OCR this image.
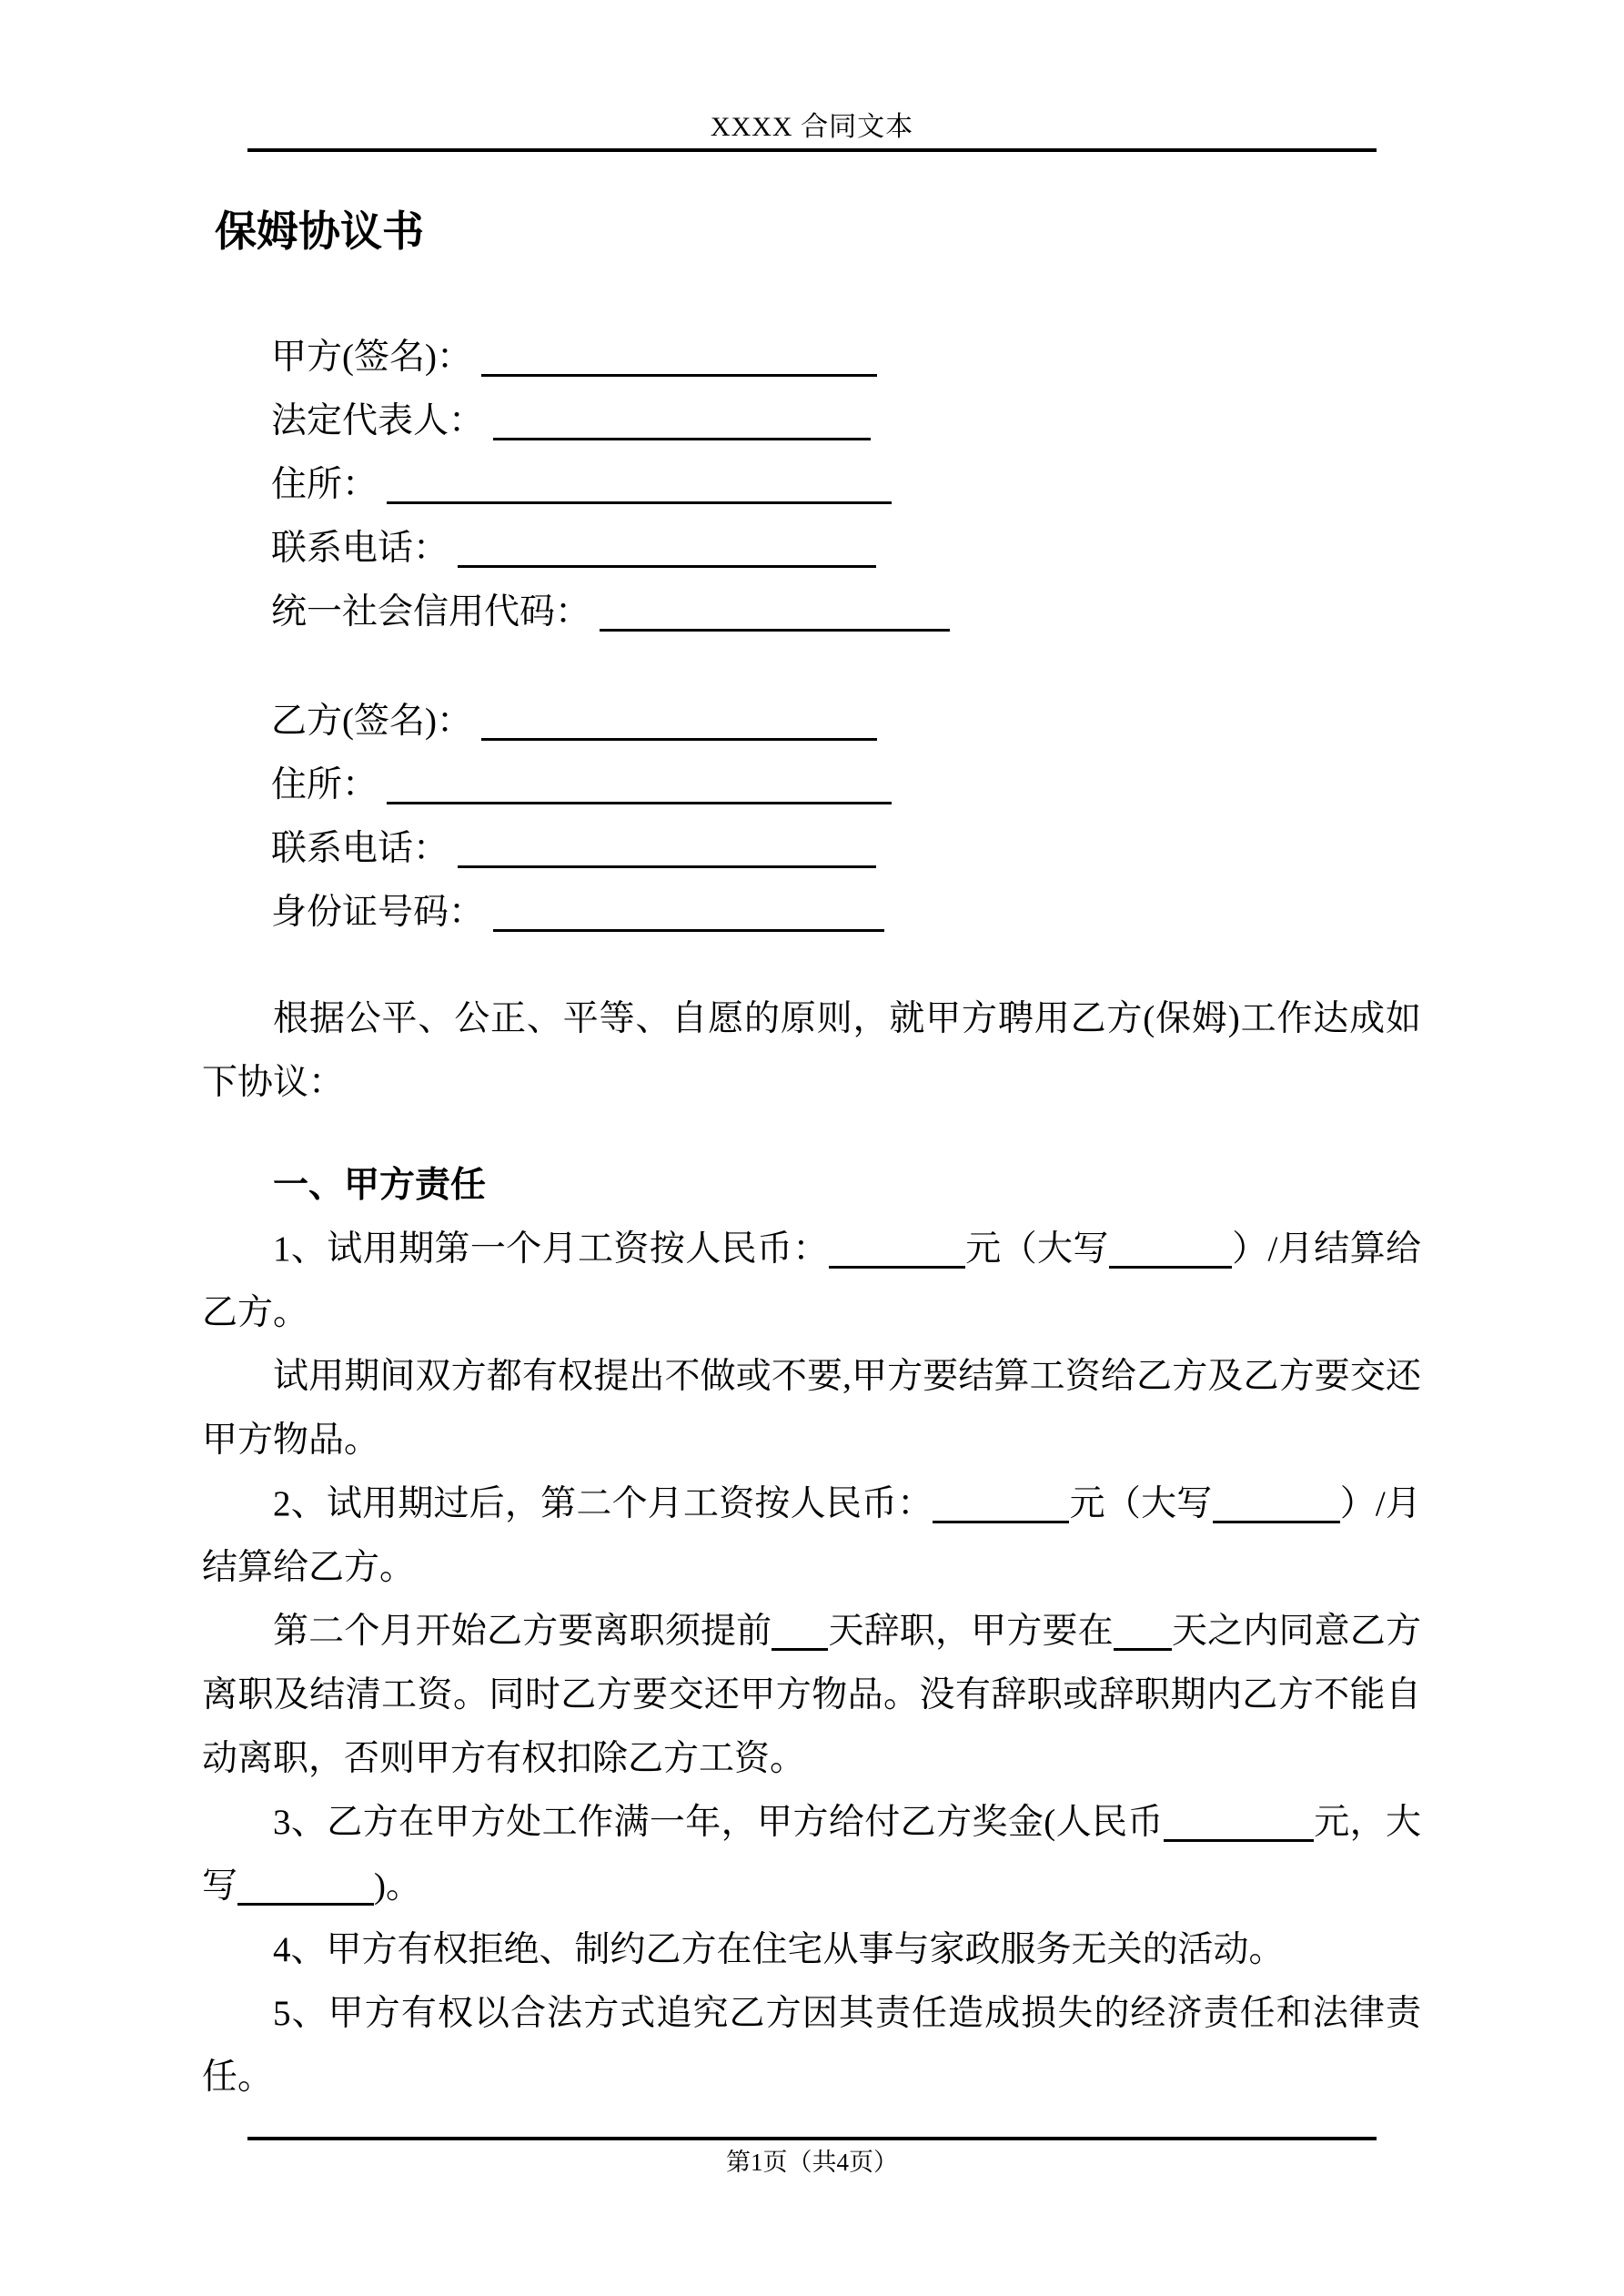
XXXX 合同文本
保姆协议书
甲方(签名)：
法定代表人：
住所：
联系电话：
统一社会信用代码：
乙方(签名)：
住所：
联系电话：
身份证号码：

根据公平、公正、平等、自愿的原则，就甲方聘用乙方(保姆)工作达成如下协议：

一、甲方责任

1、试用期第一个月工资按人民币：	元（大写	）/月结算给乙方。

试用期间双方都有权提出不做或不要,甲方要结算工资给乙方及乙方要交还甲方物品。

2、试用期过后，第二个月工资按人民币：	元（大写	）/月结算给乙方。

第二个月开始乙方要离职须提前 天辞职，甲方要在 天之内同意乙方离职及结清工资。同时乙方要交还甲方物品。没有辞职或辞职期内乙方不能自动离职，否则甲方有权扣除乙方工资。

3、乙方在甲方处工作满一年，甲方给付乙方奖金(人民币	元，大写	)。

4、甲方有权拒绝、制约乙方在住宅从事与家政服务无关的活动。

5、甲方有权以合法方式追究乙方因其责任造成损失的经济责任和法律责任。

第1页（共4页）
